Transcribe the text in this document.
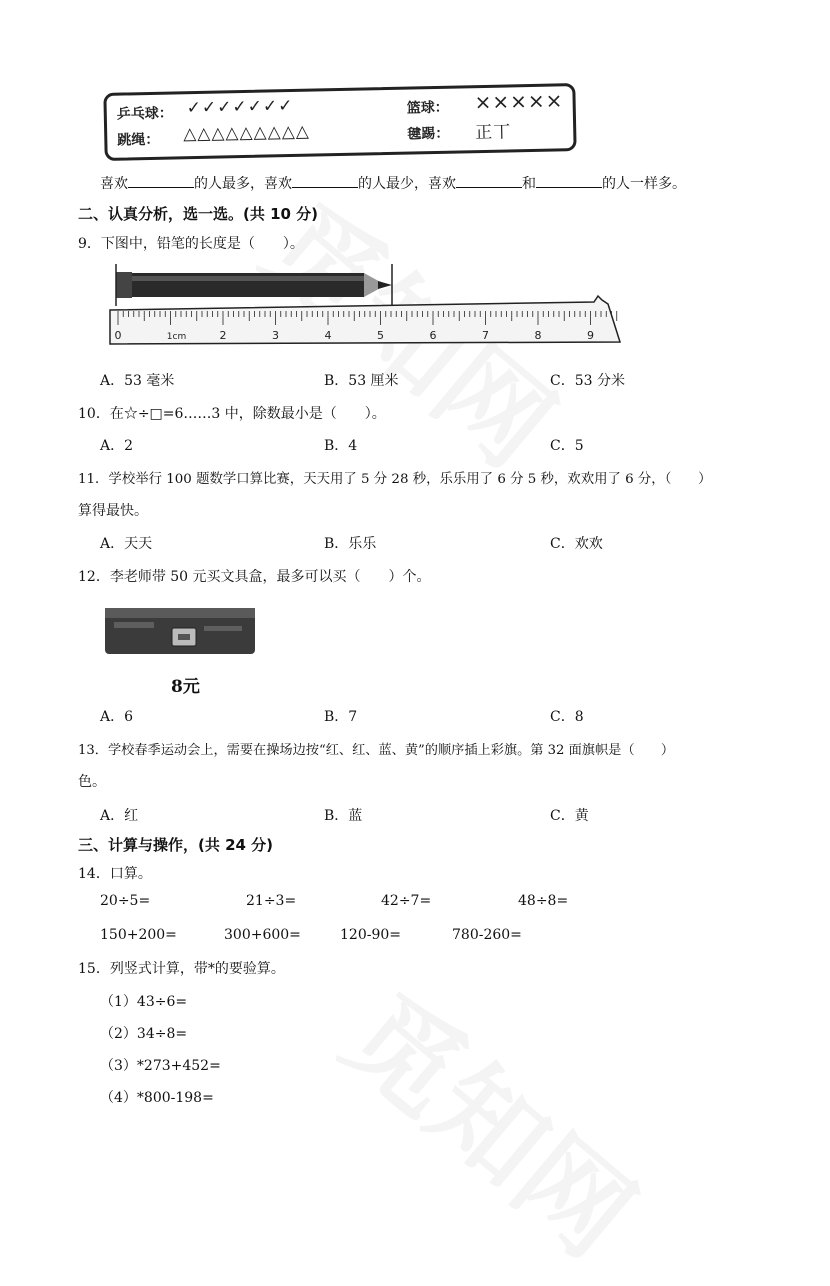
乒乓球： ✓✓✓✓✓✓✓	篮球： ×××××
跳绳： △△△△△△△△△	毽踢： 正丅
喜欢	的人最多，喜欢	的人最少，喜欢	和	的人一样多。
二、认真分析，选一选。(共 10 分)
9．下图中，铅笔的长度是（　　）。
0	1cm	2	3	4	5	6	7	8	9
A．53 毫米	B．53 厘米	C．53 分米
10．在☆÷□=6……3 中，除数最小是（　　）。
A．2	B．4	C．5
11．学校举行 100 题数学口算比赛，天天用了 5 分 28 秒，乐乐用了 6 分 5 秒，欢欢用了 6 分，（　　）
算得最快。
A．天天	B．乐乐	C．欢欢
12．李老师带 50 元买文具盒，最多可以买（　　）个。
8元
A．6	B．7	C．8
13．学校春季运动会上，需要在操场边按“红、红、蓝、黄”的顺序插上彩旗。第 32 面旗帜是（　　）
色。
A．红	B．蓝	C．黄
三、计算与操作，(共 24 分)
14．口算。
20÷5=	21÷3=	42÷7=	48÷8=
150+200=	300+600=	120-90=	780-260=
15．列竖式计算，带*的要验算。
（1）43÷6=
（2）34÷8=
（3）*273+452=
（4）*800-198=
